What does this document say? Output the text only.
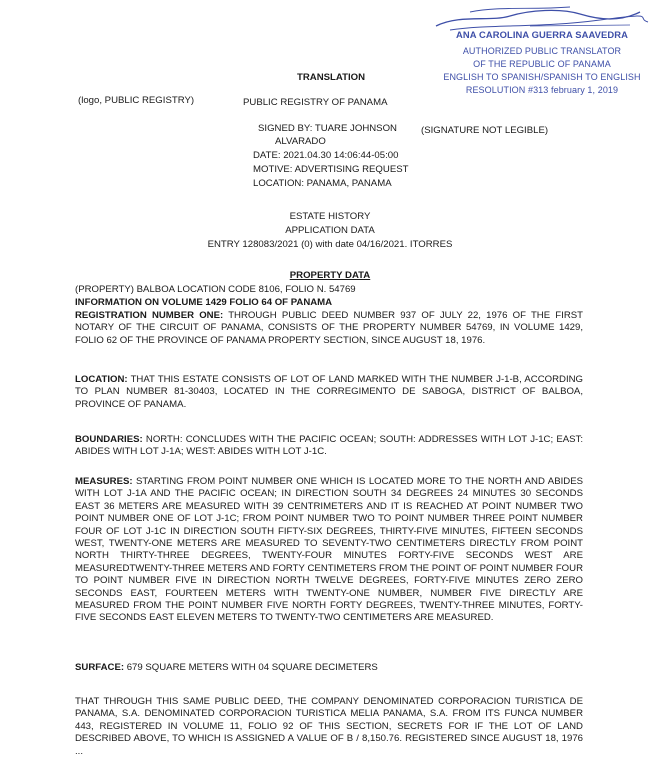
ANA CAROLINA GUERRA SAAVEDRA
AUTHORIZED PUBLIC TRANSLATOR
OF THE REPUBLIC OF PANAMA
ENGLISH TO SPANISH/SPANISH TO ENGLISH
RESOLUTION #313 february 1, 2019
TRANSLATION
(logo, PUBLIC REGISTRY)	PUBLIC REGISTRY OF PANAMA
SIGNED BY: TUARE JOHNSON	(SIGNATURE NOT LEGIBLE)
ALVARADO
DATE: 2021.04.30 14:06:44-05:00
MOTIVE: ADVERTISING REQUEST
LOCATION: PANAMA, PANAMA
ESTATE HISTORY
APPLICATION DATA
ENTRY 128083/2021 (0) with date 04/16/2021. ITORRES
PROPERTY DATA
(PROPERTY) BALBOA LOCATION CODE 8106, FOLIO N. 54769
INFORMATION ON VOLUME 1429 FOLIO 64 OF PANAMA

REGISTRATION NUMBER ONE: THROUGH PUBLIC DEED NUMBER 937 OF JULY 22, 1976 OF THE FIRST NOTARY OF THE CIRCUIT OF PANAMA, CONSISTS OF THE PROPERTY NUMBER 54769, IN VOLUME 1429, FOLIO 62 OF THE PROVINCE OF PANAMA PROPERTY SECTION, SINCE AUGUST 18, 1976.

LOCATION: THAT THIS ESTATE CONSISTS OF LOT OF LAND MARKED WITH THE NUMBER J-1-B, ACCORDING TO PLAN NUMBER 81-30403, LOCATED IN THE CORREGIMENTO DE SABOGA, DISTRICT OF BALBOA, PROVINCE OF PANAMA.

BOUNDARIES: NORTH: CONCLUDES WITH THE PACIFIC OCEAN; SOUTH: ADDRESSES WITH LOT J-1C; EAST: ABIDES WITH LOT J-1A; WEST: ABIDES WITH LOT J-1C.

MEASURES: STARTING FROM POINT NUMBER ONE WHICH IS LOCATED MORE TO THE NORTH AND ABIDES WITH LOT J-1A AND THE PACIFIC OCEAN; IN DIRECTION SOUTH 34 DEGREES 24 MINUTES 30 SECONDS EAST 36 METERS ARE MEASURED WITH 39 CENTRIMETERS AND IT IS REACHED AT POINT NUMBER TWO POINT NUMBER ONE OF LOT J-1C; FROM POINT NUMBER TWO TO POINT NUMBER THREE POINT NUMBER FOUR OF LOT J-1C IN DIRECTION SOUTH FIFTY-SIX DEGREES, THIRTY-FIVE MINUTES, FIFTEEN SECONDS WEST, TWENTY-ONE METERS ARE MEASURED TO SEVENTY-TWO CENTIMETERS DIRECTLY FROM POINT NORTH THIRTY-THREE DEGREES, TWENTY-FOUR MINUTES FORTY-FIVE SECONDS WEST ARE MEASUREDTWENTY-THREE METERS AND FORTY CENTIMETERS FROM THE POINT OF POINT NUMBER FOUR TO POINT NUMBER FIVE IN DIRECTION NORTH TWELVE DEGREES, FORTY-FIVE MINUTES ZERO ZERO SECONDS EAST, FOURTEEN METERS WITH TWENTY-ONE NUMBER, NUMBER FIVE DIRECTLY ARE MEASURED FROM THE POINT NUMBER FIVE NORTH FORTY DEGREES, TWENTY-THREE MINUTES, FORTY-FIVE SECONDS EAST ELEVEN METERS TO TWENTY-TWO CENTIMETERS ARE MEASURED.

SURFACE: 679 SQUARE METERS WITH 04 SQUARE DECIMETERS

THAT THROUGH THIS SAME PUBLIC DEED, THE COMPANY DENOMINATED CORPORACION TURISTICA DE PANAMA, S.A. DENOMINATED CORPORACION TURISTICA MELIA PANAMA, S.A. FROM ITS FUNCA NUMBER 443, REGISTERED IN VOLUME 11, FOLIO 92 OF THIS SECTION, SECRETS FOR IF THE LOT OF LAND DESCRIBED ABOVE, TO WHICH IS ASSIGNED A VALUE OF B / 8,150.76. REGISTERED SINCE AUGUST 18, 1976 ...
